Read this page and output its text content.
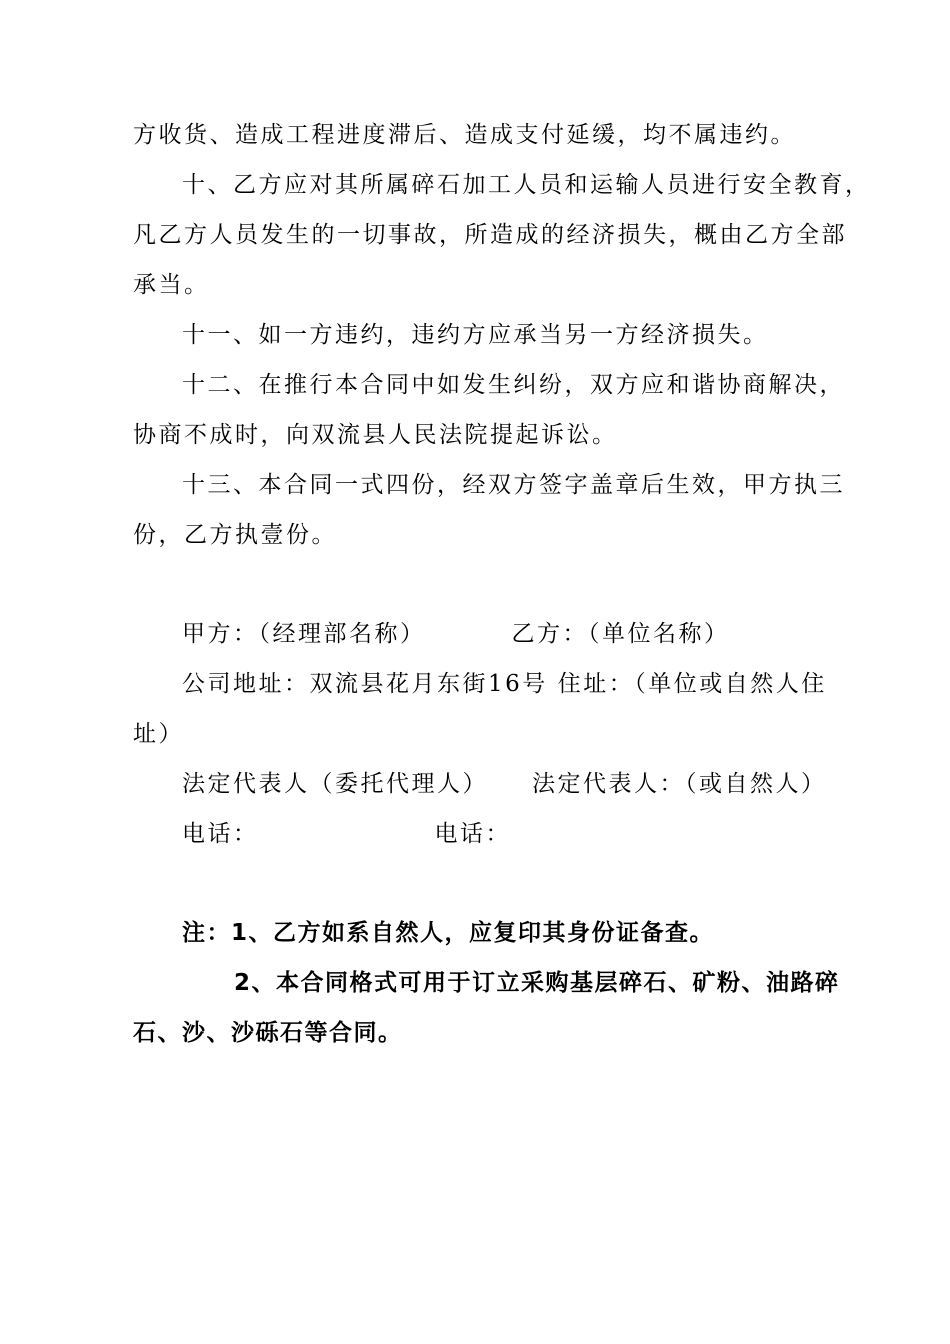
方收货、造成工程进度滞后、造成支付延缓，均不属违约。
十、乙方应对其所属碎石加工人员和运输人员进行安全教育，
凡乙方人员发生的一切事故，所造成的经济损失，概由乙方全部
承当。
十一、如一方违约，违约方应承当另一方经济损失。
十二、在推行本合同中如发生纠纷，双方应和谐协商解决，
协商不成时，向双流县人民法院提起诉讼。
十三、本合同一式四份，经双方签字盖章后生效，甲方执三
份，乙方执壹份。
甲方：（经理部名称）	乙方：（单位名称）
公司地址：双流县花月东街16号 住址：（单位或自然人住
址）
法定代表人（委托代理人） 法定代表人：（或自然人）
电话：	电话：
注：1、乙方如系自然人，应复印其身份证备查。
2、本合同格式可用于订立采购基层碎石、矿粉、油路碎
石、沙、沙砾石等合同。
